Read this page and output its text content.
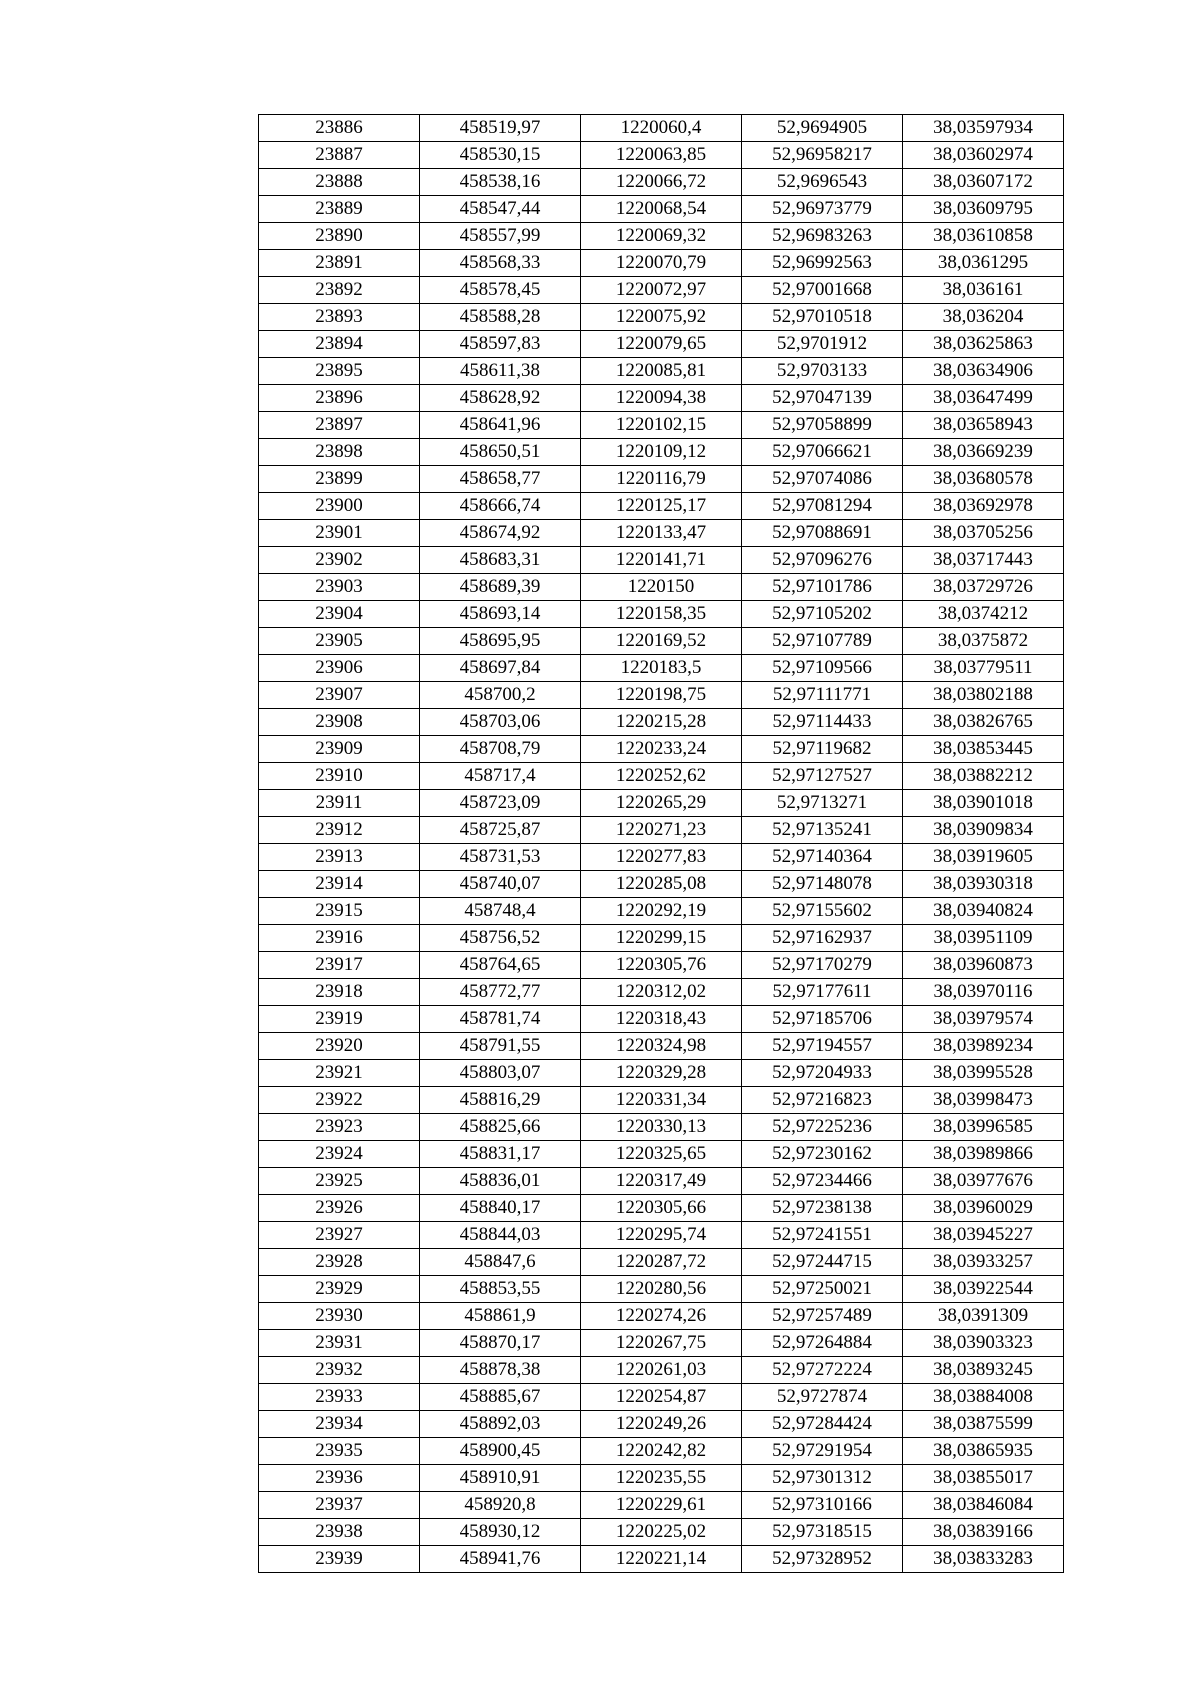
23886	458519,97	1220060,4	52,9694905	38,03597934
23887	458530,15	1220063,85	52,96958217	38,03602974
23888	458538,16	1220066,72	52,9696543	38,03607172
23889	458547,44	1220068,54	52,96973779	38,03609795
23890	458557,99	1220069,32	52,96983263	38,03610858
23891	458568,33	1220070,79	52,96992563	38,0361295
23892	458578,45	1220072,97	52,97001668	38,036161
23893	458588,28	1220075,92	52,97010518	38,036204
23894	458597,83	1220079,65	52,9701912	38,03625863
23895	458611,38	1220085,81	52,9703133	38,03634906
23896	458628,92	1220094,38	52,97047139	38,03647499
23897	458641,96	1220102,15	52,97058899	38,03658943
23898	458650,51	1220109,12	52,97066621	38,03669239
23899	458658,77	1220116,79	52,97074086	38,03680578
23900	458666,74	1220125,17	52,97081294	38,03692978
23901	458674,92	1220133,47	52,97088691	38,03705256
23902	458683,31	1220141,71	52,97096276	38,03717443
23903	458689,39	1220150	52,97101786	38,03729726
23904	458693,14	1220158,35	52,97105202	38,0374212
23905	458695,95	1220169,52	52,97107789	38,0375872
23906	458697,84	1220183,5	52,97109566	38,03779511
23907	458700,2	1220198,75	52,97111771	38,03802188
23908	458703,06	1220215,28	52,97114433	38,03826765
23909	458708,79	1220233,24	52,97119682	38,03853445
23910	458717,4	1220252,62	52,97127527	38,03882212
23911	458723,09	1220265,29	52,9713271	38,03901018
23912	458725,87	1220271,23	52,97135241	38,03909834
23913	458731,53	1220277,83	52,97140364	38,03919605
23914	458740,07	1220285,08	52,97148078	38,03930318
23915	458748,4	1220292,19	52,97155602	38,03940824
23916	458756,52	1220299,15	52,97162937	38,03951109
23917	458764,65	1220305,76	52,97170279	38,03960873
23918	458772,77	1220312,02	52,97177611	38,03970116
23919	458781,74	1220318,43	52,97185706	38,03979574
23920	458791,55	1220324,98	52,97194557	38,03989234
23921	458803,07	1220329,28	52,97204933	38,03995528
23922	458816,29	1220331,34	52,97216823	38,03998473
23923	458825,66	1220330,13	52,97225236	38,03996585
23924	458831,17	1220325,65	52,97230162	38,03989866
23925	458836,01	1220317,49	52,97234466	38,03977676
23926	458840,17	1220305,66	52,97238138	38,03960029
23927	458844,03	1220295,74	52,97241551	38,03945227
23928	458847,6	1220287,72	52,97244715	38,03933257
23929	458853,55	1220280,56	52,97250021	38,03922544
23930	458861,9	1220274,26	52,97257489	38,0391309
23931	458870,17	1220267,75	52,97264884	38,03903323
23932	458878,38	1220261,03	52,97272224	38,03893245
23933	458885,67	1220254,87	52,9727874	38,03884008
23934	458892,03	1220249,26	52,97284424	38,03875599
23935	458900,45	1220242,82	52,97291954	38,03865935
23936	458910,91	1220235,55	52,97301312	38,03855017
23937	458920,8	1220229,61	52,97310166	38,03846084
23938	458930,12	1220225,02	52,97318515	38,03839166
23939	458941,76	1220221,14	52,97328952	38,03833283
